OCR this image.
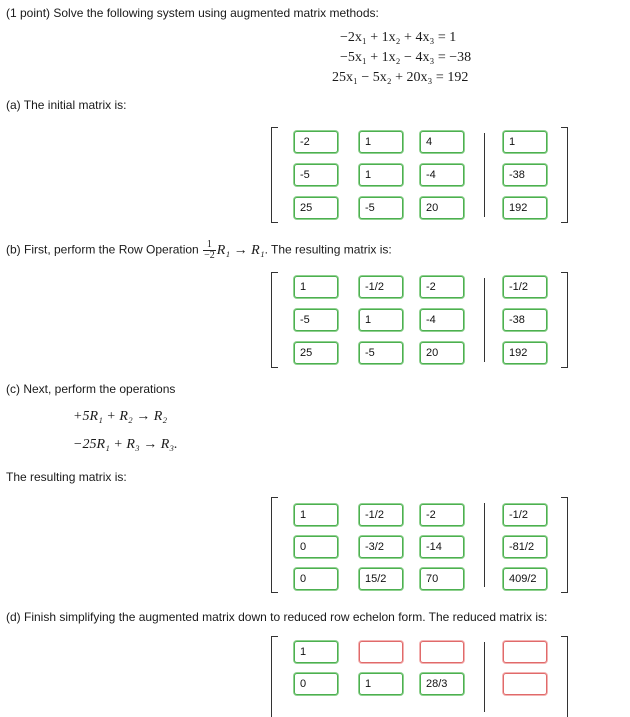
(1 point) Solve the following system using augmented matrix methods:
−2x₁ + 1x₂ + 4x₃ = 1
−5x₁ + 1x₂ − 4x₃ = −38
25x₁ − 5x₂ + 20x₃ = 192
(a) The initial matrix is:
-2	1	4	1
-5	1	-4	-38
25	-5	20	192
(b) First, perform the Row Operation $\frac{1}{-2} R_1 \to R_1$. The resulting matrix is:
1	-1/2	-2	-1/2
-5	1	-4	-38
25	-5	20	192
(c) Next, perform the operations
+5R₁ + R₂ → R₂
−25R₁ + R₃ → R₃.
The resulting matrix is:
1	-1/2	-2	-1/2
0	-3/2	-14	-81/2
0	15/2	70	409/2
(d) Finish simplifying the augmented matrix down to reduced row echelon form. The reduced matrix is:
1
0	1	28/3
